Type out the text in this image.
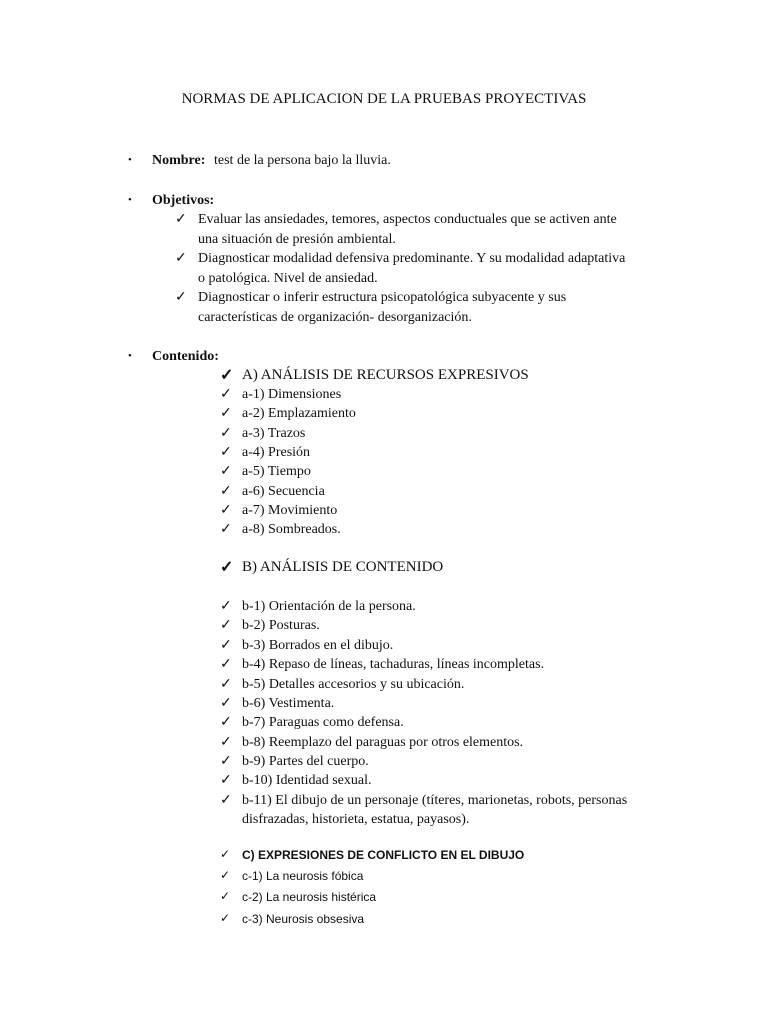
NORMAS DE APLICACION DE LA PRUEBAS PROYECTIVAS
• Nombre: test de la persona bajo la lluvia.
• Objetivos:
✓ Evaluar las ansiedades, temores, aspectos conductuales que se activen ante
una situación de presión ambiental.
✓ Diagnosticar modalidad defensiva predominante. Y su modalidad adaptativa
o patológica. Nivel de ansiedad.
✓ Diagnosticar o inferir estructura psicopatológica subyacente y sus
características de organización- desorganización.
• Contenido:
✓ A) ANÁLISIS DE RECURSOS EXPRESIVOS
✓ a-1) Dimensiones
✓ a-2) Emplazamiento
✓ a-3) Trazos
✓ a-4) Presión
✓ a-5) Tiempo
✓ a-6) Secuencia
✓ a-7) Movimiento
✓ a-8) Sombreados.
✓ B) ANÁLISIS DE CONTENIDO
✓ b-1) Orientación de la persona.
✓ b-2) Posturas.
✓ b-3) Borrados en el dibujo.
✓ b-4) Repaso de líneas, tachaduras, líneas incompletas.
✓ b-5) Detalles accesorios y su ubicación.
✓ b-6) Vestimenta.
✓ b-7) Paraguas como defensa.
✓ b-8) Reemplazo del paraguas por otros elementos.
✓ b-9) Partes del cuerpo.
✓ b-10) Identidad sexual.
✓ b-11) El dibujo de un personaje (títeres, marionetas, robots, personas
disfrazadas, historieta, estatua, payasos).
✓ C) EXPRESIONES DE CONFLICTO EN EL DIBUJO
✓ c-1) La neurosis fóbica
✓ c-2) La neurosis histérica
✓ c-3) Neurosis obsesiva
